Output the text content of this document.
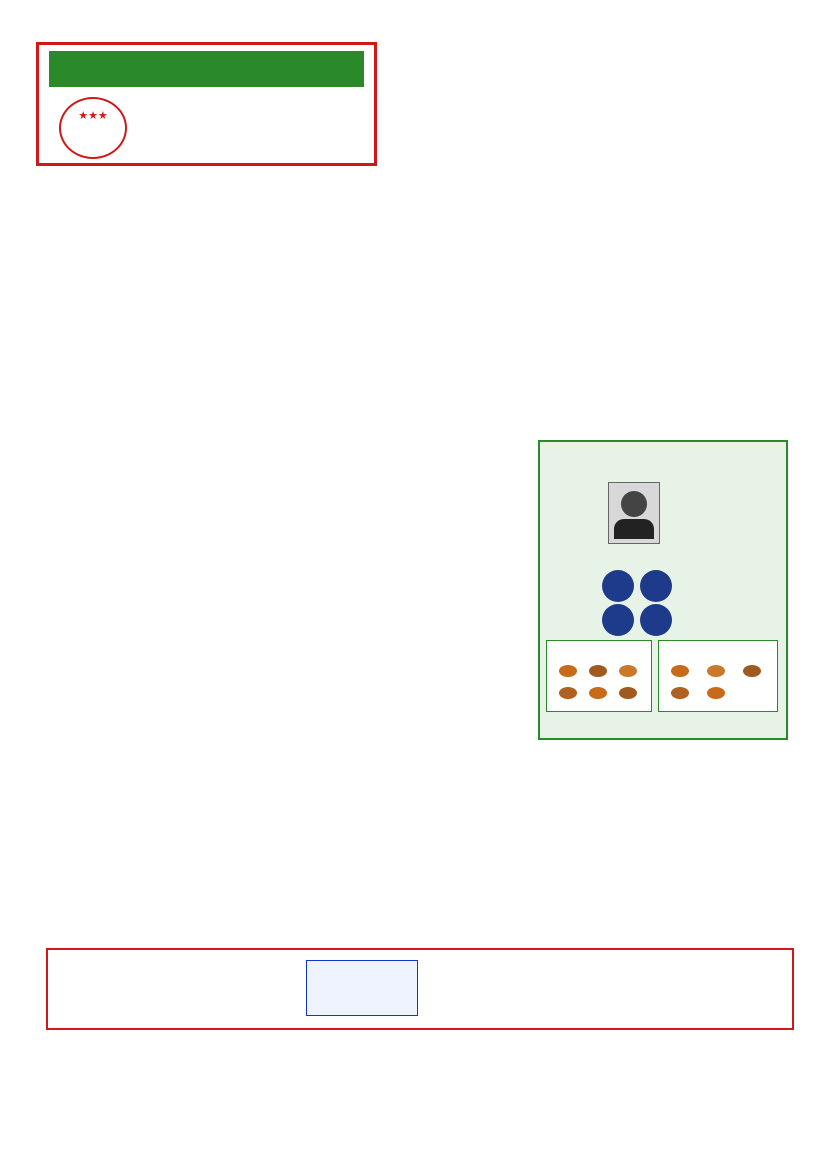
★★★
